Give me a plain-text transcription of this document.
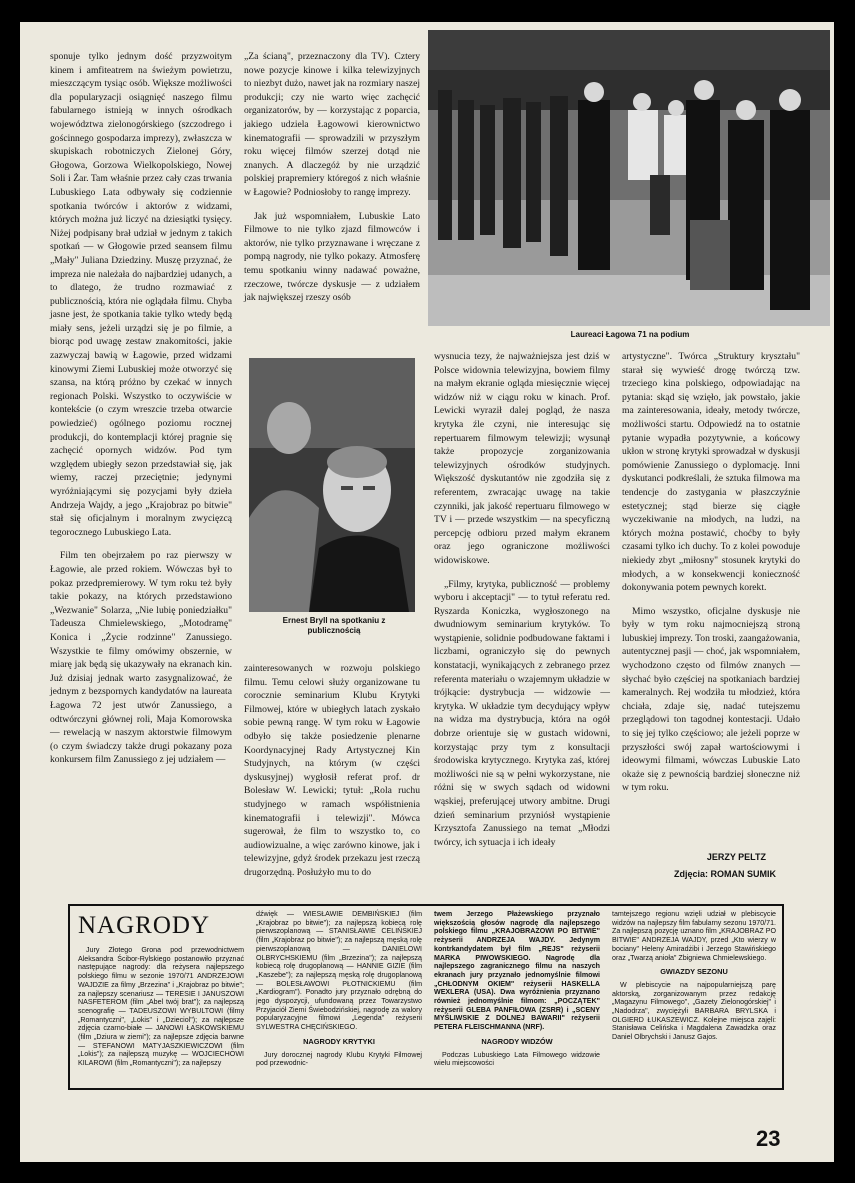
sponuje tylko jednym dość przyzwoitym kinem i amfiteatrem na świeżym powietrzu, mieszczącym tysiąc osób. Większe możliwości dla popularyzacji osiągnięć naszego filmu fabularnego istnieją w innych ośrodkach województwa zielonogórskiego (szczodrego i gościnnego gospodarza imprezy), zwłaszcza w skupiskach robotniczych Zielonej Góry, Głogowa, Gorzowa Wielkopolskiego, Nowej Soli i Żar. Tam właśnie przez cały czas trwania Lubuskiego Lata odbywały się codziennie spotkania twórców i aktorów z widzami, których można już liczyć na dziesiątki tysięcy. Niżej podpisany brał udział w jednym z takich spotkań — w Głogowie przed seansem filmu „Mały" Juliana Dziedziny. Muszę przyznać, że impreza nie należała do najbardziej udanych, a to dlatego, że trudno rozmawiać z publicznością, która nie oglądała filmu. Chyba jasne jest, że spotkania takie tylko wtedy będą miały sens, jeżeli urządzi się je po filmie, a biorąc pod uwagę zestaw znakomitości, jakie zazwyczaj bawią w Łagowie, przed widzami kinowymi Ziemi Lubuskiej może otworzyć się szansa, na którą próżno by czekać w innych regionach Polski. Wszystko to oczywiście w kontekście (o czym wreszcie trzeba otwarcie powiedzieć) ogólnego poziomu rocznej produkcji, do kontemplacji której pragnie się zachęcić opornych widzów. Pod tym względem ubiegły sezon przedstawiał się, jak wiemy, raczej przeciętnie; jedynymi wyróżniającymi się pozycjami były dzieła Andrzeja Wajdy, a jego „Krajobraz po bitwie" stał się oficjalnym i moralnym zwycięzcą tegorocznego Lubuskiego Lata.

Film ten obejrzałem po raz pierwszy w Łagowie, ale przed rokiem. Wówczas był to pokaz przedpremierowy. W tym roku też były takie pokazy, na których przedstawiono „Wezwanie" Solarza, „Nie lubię poniedziałku" Tadeusza Chmielewskiego, „Motodramę" Konica i „Życie rodzinne" Zanussiego. Wszystkie te filmy omówimy obszernie, w miarę jak będą się ukazywały na ekranach kin. Już dzisiaj jednak warto zasygnalizować, że jednym z bezspornych kandydatów na laureata Łagowa 72 jest utwór Zanussiego, a odtwórczyni głównej roli, Maja Komorowska — rewelacją w naszym aktorstwie filmowym (o czym świadczy także drugi pokazany poza konkursem film Zanussiego z jej udziałem —

„Za ścianą", przeznaczony dla TV). Cztery nowe pozycje kinowe i kilka telewizyjnych to niezbyt dużo, nawet jak na rozmiary naszej produkcji; czy nie warto więc zachęcić organizatorów, by — korzystając z poparcia, jakiego udziela Łagowowi kierownictwo kinematografii — sprowadzili w przyszłym roku więcej filmów szerzej dotąd nie znanych. A dlaczegóż by nie urządzić polskiej prapremiery któregoś z nich właśnie w Łagowie? Podniosłoby to rangę imprezy.

Jak już wspomniałem, Lubuskie Lato Filmowe to nie tylko zjazd filmowców i aktorów, nie tylko przyznawane i wręczane z pompą nagrody, nie tylko pokazy. Atmosferę temu spotkaniu winny nadawać poważne, rzeczowe, twórcze dyskusje — z udziałem jak największej rzeszy osób

Laureaci Łagowa 71 na podium
Ernest Bryll na spotkaniu z publicznością

zainteresowanych w rozwoju polskiego filmu. Temu celowi służy organizowane tu corocznie seminarium Klubu Krytyki Filmowej, które w ubiegłych latach zyskało sobie pewną rangę. W tym roku w Łagowie odbyło się także posiedzenie plenarne Koordynacyjnej Rady Artystycznej Kin Studyjnych, na którym (w części dyskusyjnej) wygłosił referat prof. dr Bolesław W. Lewicki; tytuł: „Rola ruchu studyjnego w ramach współistnienia kinematografii i telewizji". Mówca sugerował, że film to wszystko to, co audiowizualne, a więc zarówno kinowe, jak i telewizyjne, gdyż środek przekazu jest rzeczą drugorzędną. Posłużyło mu to do

wysnucia tezy, że najważniejsza jest dziś w Polsce widownia telewizyjna, bowiem filmy na małym ekranie ogląda miesięcznie więcej widzów niż w ciągu roku w kinach. Prof. Lewicki wyraził dalej pogląd, że nasza krytyka źle czyni, nie interesując się repertuarem filmowym telewizji; wysunął także propozycje zorganizowania telewizyjnych ośrodków studyjnych. Większość dyskutantów nie zgodziła się z referentem, zwracając uwagę na takie czynniki, jak jakość repertuaru filmowego w TV i — przede wszystkim — na specyficzną percepcję odbioru przed małym ekranem oraz jego ograniczone możliwości widowiskowe.

„Filmy, krytyka, publiczność — problemy wyboru i akceptacji" — to tytuł referatu red. Ryszarda Koniczka, wygłoszonego na dwudniowym seminarium krytyków. To wystąpienie, solidnie podbudowane faktami i liczbami, ograniczyło się do pewnych konstatacji, wynikających z zebranego przez referenta materiału o wzajemnym układzie w trójkącie: dystrybucja — widzowie — krytyka. W układzie tym decydujący wpływ na widza ma dystrybucja, która na ogół dobrze orientuje się w gustach widowni, korzystając przy tym z konsultacji środowiska krytycznego. Krytyka zaś, której możliwości nie są w pełni wykorzystane, nie różni się w swych sądach od widowni wąskiej, preferującej utwory ambitne. Drugi dzień seminarium przyniósł wystąpienie Krzysztofa Zanussiego na temat „Młodzi twórcy, ich sytuacja i ich ideały

artystyczne". Twórca „Struktury kryształu" starał się wywieść drogę twórczą tzw. trzeciego kina polskiego, odpowiadając na pytania: skąd się wzięło, jak powstało, jakie ma zainteresowania, ideały, metody twórcze, możliwości startu. Odpowiedź na to ostatnie pytanie wypadła pozytywnie, a końcowy ukłon w stronę krytyki sprowadzał w dyskusji pomówienie Zanussiego o dyplomację. Inni dyskutanci podkreślali, że sztuka filmowa ma tendencje do zastygania w płaszczyźnie estetycznej; stąd bierze się ciągłe wyczekiwanie na młodych, na ludzi, na których można postawić, choćby to były czasami tylko ich duchy. To z kolei powoduje niekiedy zbyt „miłosny" stosunek krytyki do młodych, a w konsekwencji konieczność dokonywania potem pewnych korekt.

Mimo wszystko, oficjalne dyskusje nie były w tym roku najmocniejszą stroną lubuskiej imprezy. Ton troski, zaangażowania, autentycznej pasji — choć, jak wspomniałem, wychodzono często od filmów znanych — słychać było częściej na spotkaniach bardziej kameralnych. Rej wodziła tu młodzież, która chciała, zdaje się, nadać tutejszemu przeglądowi ton tagodnej kontestacji. Udało to się jej tylko częściowo; ale jeżeli poprze w przyszłości swój zapał wartościowymi i ideowymi filmami, wówczas Lubuskie Lato okaże się z pewnością bardziej słoneczne niż w tym roku.

JERZY PELTZ
Zdjęcia: ROMAN SUMIK
NAGRODY

Jury Złotego Grona pod przewodnictwem Aleksandra Ścibor-Rylskiego postanowiło przyznać następujące nagrody: dla reżysera najlepszego polskiego filmu w sezonie 1970/71 ANDRZEJOWI WAJDZIE za filmy „Brzezina" i „Krajobraz po bitwie"; za najlepszy scenariusz — TERESIE I JANUSZOWI NASFETEROM (film „Abel twój brat"); za najlepszą scenografię — TADEUSZOWI WYBULTOWI (filmy „Romantyczni", „Lokis" i „Dzieciol"); za najlepsze zdjęcia czarno-białe — JANOWI ŁASKOWSKIEMU (film „Dziura w ziemi"); za najlepsze zdjęcia barwne — STEFANOWI MATYJASZKIEWICZOWI (film „Lokis"); za najlepszą muzykę — WOJCIECHOWI KILAROWI (film „Romantyczni"); za najlepszy

dźwięk — WIESŁAWIE DEMBIŃSKIEJ (film „Krajobraz po bitwie"); za najlepszą kobiecą rolę pierwszoplanową — STANISŁAWIE CELIŃSKIEJ (film „Krajobraz po bitwie"); za najlepszą męską rolę pierwszoplanową — DANIELOWI OLBRYCHSKIEMU (film „Brzezina"); za najlepszą kobiecą rolę drugoplanową — HANNIE GIZIE (film „Kaszebe"); za najlepszą męską rolę drugoplanową — BOLESŁAWOWI PŁOTNICKIEMU (film „Kardiogram"). Ponadto jury przyznało odrębną do jego dyspozycji, ufundowaną przez Towarzystwo Przyjaciół Ziemi Świebodzińskiej, nagrodę za walory popularyzacyjne filmowi „Legenda" reżyserii SYLWESTRA CHĘCIŃSKIEGO.

NAGRODY KRYTYKI

Jury dorocznej nagrody Klubu Krytyki Filmowej pod przewodnic-

twem Jerzego Płażewskiego przyznało większością głosów nagrodę dla najlepszego polskiego filmu „KRAJOBRAZOWI PO BITWIE" reżyserii ANDRZEJA WAJDY. Jedynym kontrkandydatem był film „REJS" reżyserii MARKA PIWOWSKIEGO. Nagrodę dla najlepszego zagranicznego filmu na naszych ekranach jury przyznało jednomyślnie filmowi „CHŁODNYM OKIEM" reżyserii HASKELLA WEXLERA (USA). Dwa wyróżnienia przyznano również jednomyślnie filmom: „POCZĄTEK" reżyserii GLEBA PANFIŁOWA (ZSRR) i „SCENY MYŚLIWSKIE Z DOLNEJ BAWARII" reżyserii PETERA FLEISCHMANNA (NRF).

NAGRODY WIDZÓW

Podczas Lubuskiego Lata Filmowego widzowie wielu miejscowości

tamtejszego regionu wzięli udział w plebiscycie widzów na najlepszy film fabularny sezonu 1970/71. Za najlepszą pozycję uznano film „KRAJOBRAZ PO BITWIE" ANDRZEJA WAJDY, przed „Kto wierzy w bociany" Heleny Amiradżibi i Jerzego Stawińskiego oraz „Twarzą anioła" Zbigniewa Chmielewskiego.

GWIAZDY SEZONU

W plebiscycie na najpopularniejszą parę aktorską, zorganizowanym przez redakcję „Magazynu Filmowego", „Gazety Zielonogórskiej" i „Nadodrza", zwyciężyli BARBARA BRYLSKA i OLGIERD ŁUKASZEWICZ. Kolejne miejsca zajęli: Stanisława Celińska i Magdalena Zawadzka oraz Daniel Olbrychski i Janusz Gajos.

23
